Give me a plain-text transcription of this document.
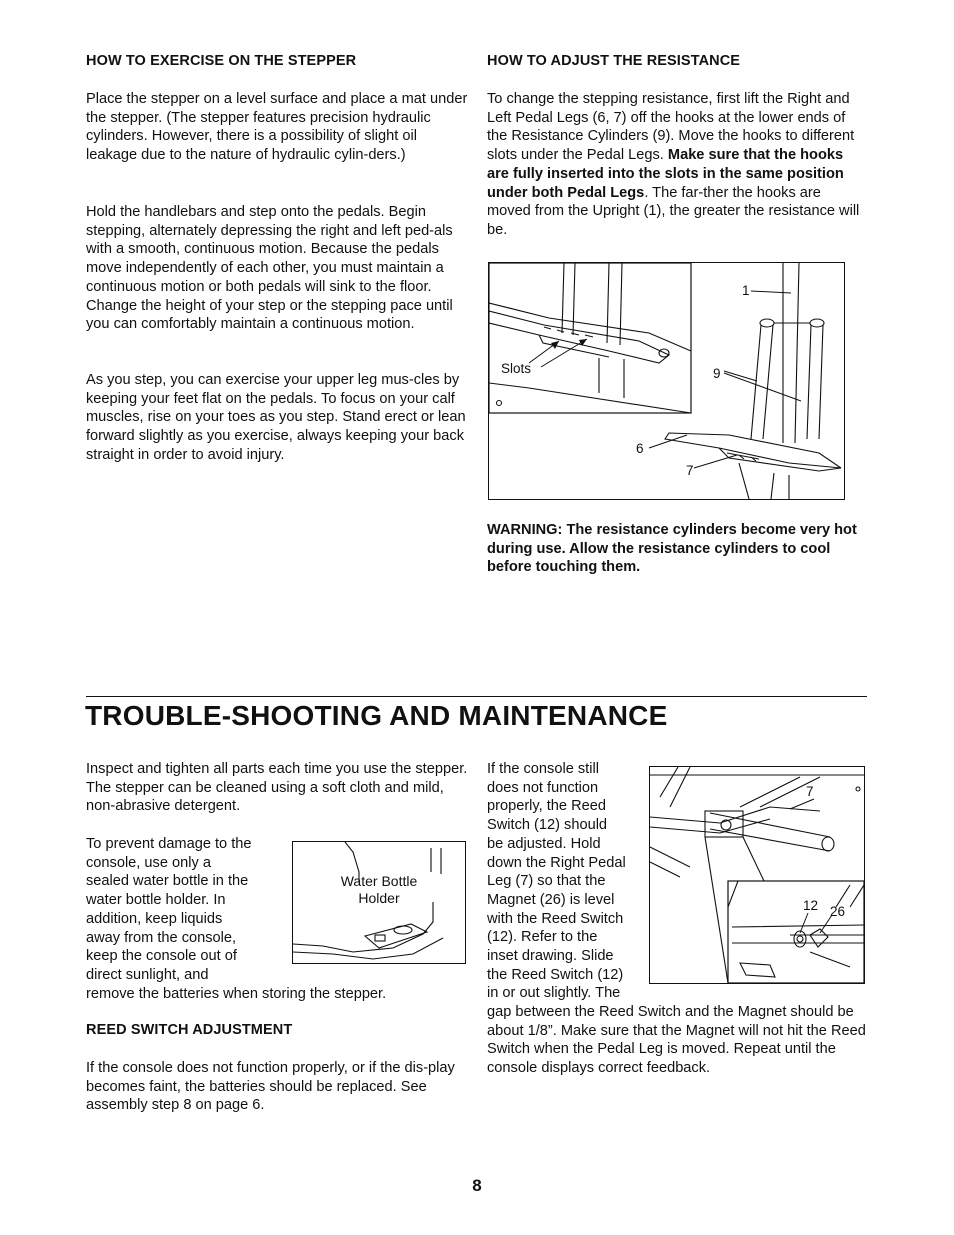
HOW TO EXERCISE ON THE STEPPER
Place the stepper on a level surface and place a mat under the stepper. (The stepper features precision hydraulic cylinders. However, there is a possibility of slight oil leakage due to the nature of hydraulic cylin-ders.)
Hold the handlebars and step onto the pedals. Begin stepping, alternately depressing the right and left ped-als with a smooth, continuous motion. Because the pedals move independently of each other, you must maintain a continuous motion or both pedals will sink to the floor. Change the height of your step or the stepping pace until you can comfortably maintain a continuous motion.
As you step, you can exercise your upper leg mus-cles by keeping your feet flat on the pedals. To focus on your calf muscles, rise on your toes as you step. Stand erect or lean forward slightly as you exercise, always keeping your back straight in order to avoid injury.
HOW TO ADJUST THE RESISTANCE
To change the stepping resistance, first lift the Right and Left Pedal Legs (6, 7) off the hooks at the lower ends of the Resistance Cylinders (9). Move the hooks to different slots under the Pedal Legs. Make sure that the hooks are fully inserted into the slots in the same position under both Pedal Legs. The far-ther the hooks are moved from the Upright (1), the greater the resistance will be.
Slots
1
9
6
7
WARNING: The resistance cylinders become very hot during use. Allow the resistance cylinders to cool before touching them.
TROUBLE-SHOOTING AND MAINTENANCE
Inspect and tighten all parts each time you use the stepper. The stepper can be cleaned using a soft cloth and mild, non-abrasive detergent.
To prevent damage to the
console, use only a
sealed water bottle in the
water bottle holder. In
addition, keep liquids
away from the console,
keep the console out of
direct sunlight, and
remove the batteries when storing the stepper.
Water Bottle
Holder
REED SWITCH ADJUSTMENT
If the console does not function properly, or if the dis-play becomes faint, the batteries should be replaced. See assembly step 8 on page 6.
If the console still
does not function
properly, the Reed
Switch (12) should
be adjusted. Hold
down the Right Pedal
Leg (7) so that the
Magnet (26) is level
with the Reed Switch
(12). Refer to the
inset drawing. Slide
the Reed Switch (12)
in or out slightly. The
gap between the Reed Switch and the Magnet should be about 1/8”. Make sure that the Magnet will not hit the Reed Switch when the Pedal Leg is moved. Repeat until the console displays correct feedback.
7
12 26
8
